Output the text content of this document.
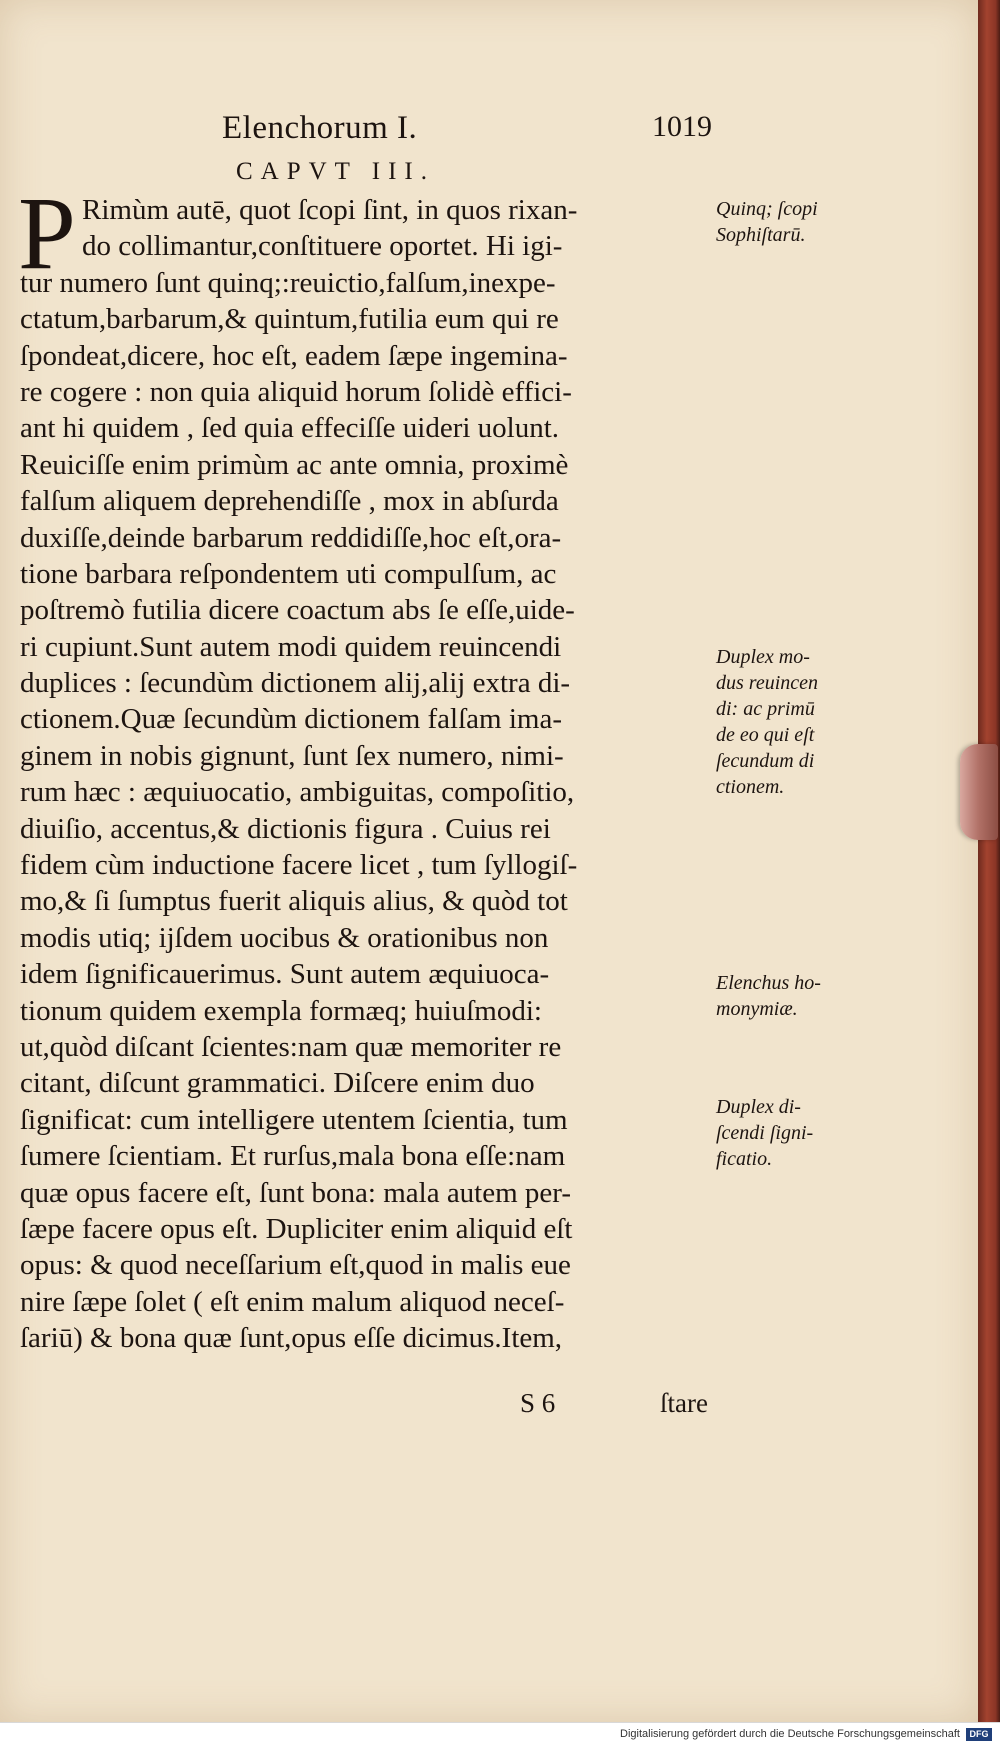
Elenchorum I.	1019
CAPVT III.
P Rimùm autē, quot ſcopi ſint, in quos rixan-
do collimantur,conſtituere oportet. Hi igi-
tur numero ſunt quinq;:reuictio,falſum,inexpe-
ctatum,barbarum,& quintum,futilia eum qui re
ſpondeat,dicere, hoc eſt, eadem ſæpe ingemina-
re cogere : non quia aliquid horum ſolidè effici-
ant hi quidem , ſed quia effeciſſe uideri uolunt.
Reuiciſſe enim primùm ac ante omnia, proximè
falſum aliquem deprehendiſſe , mox in abſurda
duxiſſe,deinde barbarum reddidiſſe,hoc eſt,ora-
tione barbara reſpondentem uti compulſum, ac
poſtremò futilia dicere coactum abs ſe eſſe,uide-
ri cupiunt.Sunt autem modi quidem reuincendi
duplices : ſecundùm dictionem alij,alij extra di-
ctionem.Quæ ſecundùm dictionem falſam ima-
ginem in nobis gignunt, ſunt ſex numero, nimi-
rum hæc : æquiuocatio, ambiguitas, compoſitio,
diuiſio, accentus,& dictionis figura . Cuius rei
fidem cùm inductione facere licet , tum ſyllogiſ-
mo,& ſi ſumptus fuerit aliquis alius, & quòd tot
modis utiq; ijſdem uocibus & orationibus non
idem ſignificauerimus. Sunt autem æquiuoca-
tionum quidem exempla formæq; huiuſmodi:
ut,quòd diſcant ſcientes:nam quæ memoriter re
citant, diſcunt grammatici. Diſcere enim duo
ſignificat: cum intelligere utentem ſcientia, tum
ſumere ſcientiam. Et rurſus,mala bona eſſe:nam
quæ opus facere eſt, ſunt bona: mala autem per-
ſæpe facere opus eſt. Dupliciter enim aliquid eſt
opus: & quod neceſſarium eſt,quod in malis eue
nire ſæpe ſolet ( eſt enim malum aliquod neceſ-
ſariū) & bona quæ ſunt,opus eſſe dicimus.Item,
S 6	ſtare
Quinq; ſcopi
Sophiſtarū.
Duplex mo-
dus reuincen
di: ac primū
de eo qui eſt
ſecundum di
ctionem.
Elenchus ho-
monymiæ.
Duplex di-
ſcendi ſigni-
ficatio.
Digitalisierung gefördert durch die Deutsche Forschungsgemeinschaft	DFG
